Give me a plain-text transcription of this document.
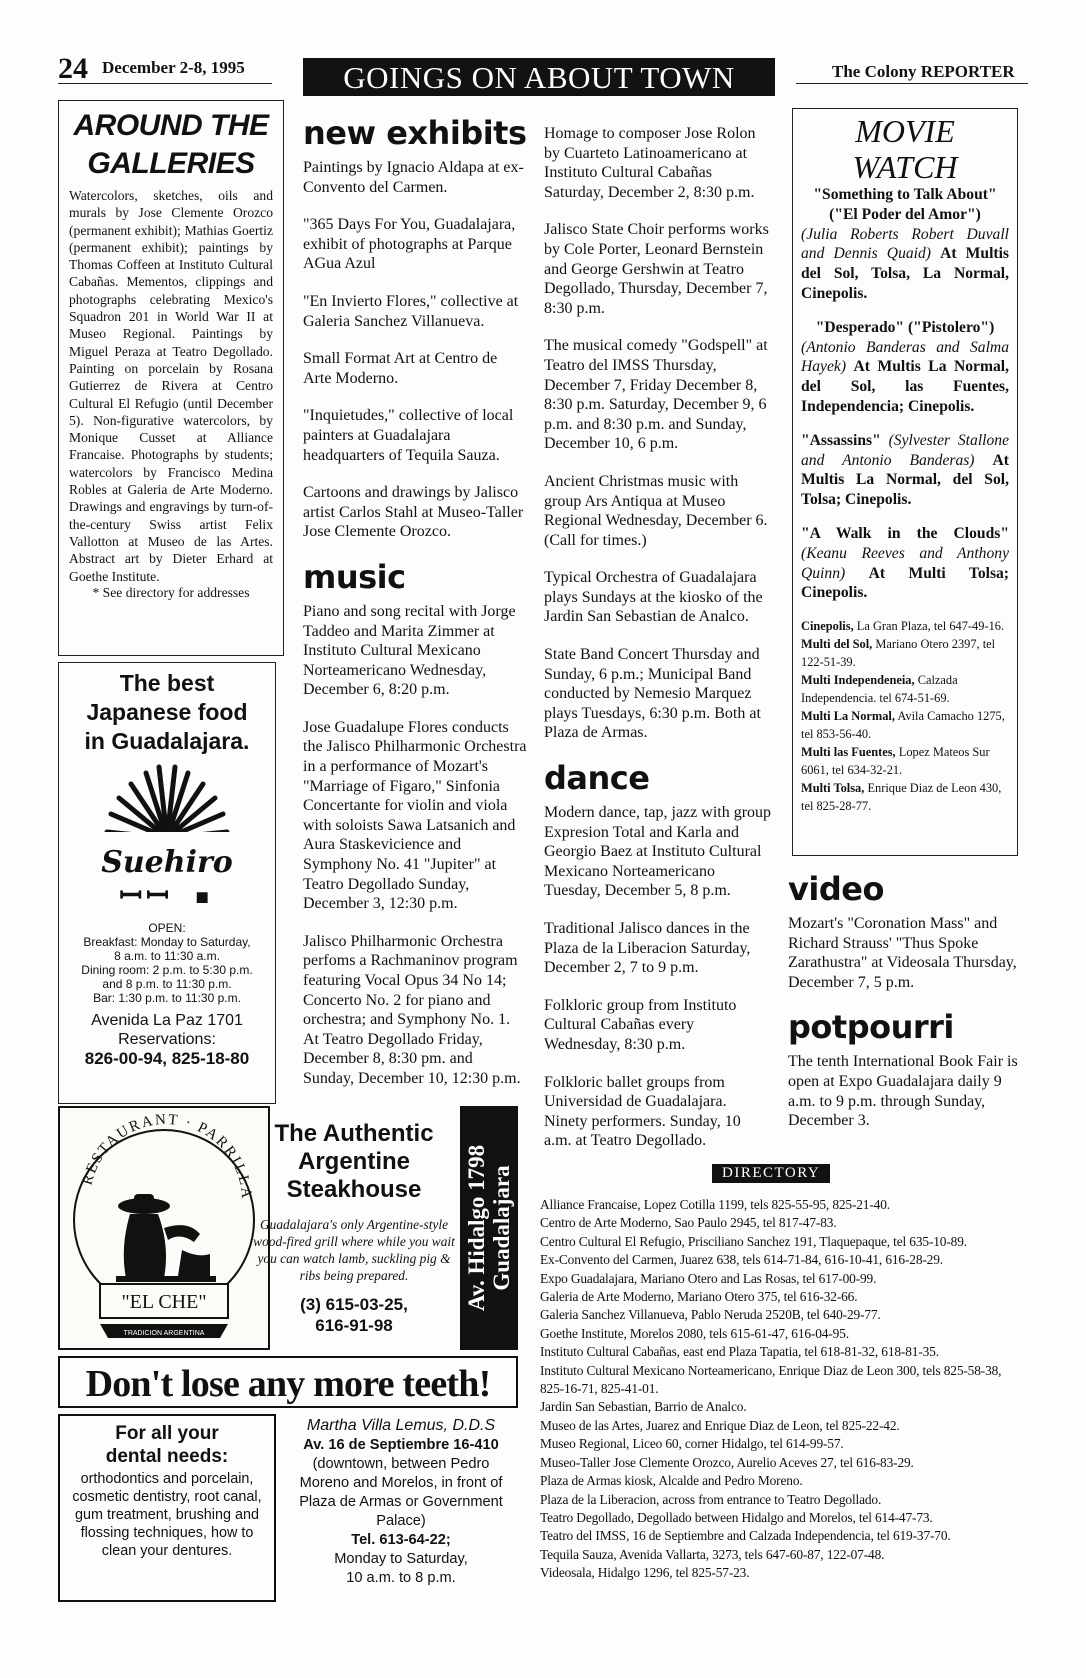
24 December 2-8, 1995	GOINGS ON ABOUT TOWN	The Colony REPORTER
AROUND THE
GALLERIES
Watercolors, sketches, oils and murals by Jose Clemente Orozco (permanent exhibit); Mathias Goertiz (permanent exhibit); paintings by Thomas Coffeen at Instituto Cultural Cabañas. Mementos, clippings and photographs celebrating Mexico's Squadron 201 in World War II at Museo Regional. Paintings by Miguel Peraza at Teatro Degollado. Painting on porcelain by Rosana Gutierrez de Rivera at Centro Cultural El Refugio (until December 5). Non-figurative watercolors, by Monique Cusset at Alliance Francaise. Photographs by students; watercolors by Francisco Medina Robles at Galeria de Arte Moderno. Drawings and engravings by turn-of-the-century Swiss artist Felix Vallotton at Museo de las Artes. Abstract art by Dieter Erhard at Goethe Institute.
* See directory for addresses
The best
Japanese food
in Guadalajara.
Suehiro
ꟷꟷ ▪
OPEN:
Breakfast: Monday to Saturday,
8 a.m. to 11:30 a.m.
Dining room: 2 p.m. to 5:30 p.m.
and 8 p.m. to 11:30 p.m.
Bar: 1:30 p.m. to 11:30 p.m.
Avenida La Paz 1701
Reservations:
826-00-94, 825-18-80
new exhibits

Paintings by Ignacio Aldapa at ex-Convento del Carmen.

"365 Days For You, Guadalajara, exhibit of photographs at Parque AGua Azul

"En Invierto Flores," collective at Galeria Sanchez Villanueva.

Small Format Art at Centro de Arte Moderno.

"Inquietudes," collective of local painters at Guadalajara headquarters of Tequila Sauza.

Cartoons and drawings by Jalisco artist Carlos Stahl at Museo-Taller Jose Clemente Orozco.

music

Piano and song recital with Jorge Taddeo and Marita Zimmer at Instituto Cultural Mexicano Norteamericano Wednesday, December 6, 8:20 p.m.

Jose Guadalupe Flores conducts the Jalisco Philharmonic Orchestra in a performance of Mozart's "Marriage of Figaro," Sinfonia Concertante for violin and viola with soloists Sawa Latsanich and Aura Staskevicience and Symphony No. 41 "Jupiter" at Teatro Degollado Sunday, December 3, 12:30 p.m.

Jalisco Philharmonic Orchestra perfoms a Rachmaninov program featuring Vocal Opus 34 No 14; Concerto No. 2 for piano and orchestra; and Symphony No. 1. At Teatro Degollado Friday, December 8, 8:30 pm. and Sunday, December 10, 12:30 p.m.

Homage to composer Jose Rolon by Cuarteto Latinoamericano at Instituto Cultural Cabañas Saturday, December 2, 8:30 p.m.

Jalisco State Choir performs works by Cole Porter, Leonard Bernstein and George Gershwin at Teatro Degollado, Thursday, December 7, 8:30 p.m.

The musical comedy "Godspell" at Teatro del IMSS Thursday, December 7, Friday December 8, 8:30 p.m. Saturday, December 9, 6 p.m. and 8:30 p.m. and Sunday, December 10, 6 p.m.

Ancient Christmas music with group Ars Antiqua at Museo Regional Wednesday, December 6. (Call for times.)

Typical Orchestra of Guadalajara plays Sundays at the kiosko of the Jardin San Sebastian de Analco.

State Band Concert Thursday and Sunday, 6 p.m.; Municipal Band conducted by Nemesio Marquez plays Tuesdays, 6:30 p.m. Both at Plaza de Armas.

dance

Modern dance, tap, jazz with group Expresion Total and Karla and Georgio Baez at Instituto Cultural Mexicano Norteamericano Tuesday, December 5, 8 p.m.

Traditional Jalisco dances in the Plaza de la Liberacion Saturday, December 2, 7 to 9 p.m.

Folkloric group from Instituto Cultural Cabañas every Wednesday, 8:30 p.m.

Folkloric ballet groups from Universidad de Guadalajara. Ninety performers. Sunday, 10 a.m. at Teatro Degollado.

MOVIE WATCH

"Something to Talk About" ("El Poder del Amor")
(Julia Roberts Robert Duvall and Dennis Quaid) At Multis del Sol, Tolsa, La Normal, Cinepolis.

"Desperado" ("Pistolero")
(Antonio Banderas and Salma Hayek) At Multis La Normal, del Sol, las Fuentes, Independencia; Cinepolis.

"Assassins" (Sylvester Stallone and Antonio Banderas) At Multis La Normal, del Sol, Tolsa; Cinepolis.

"A Walk in the Clouds" (Keanu Reeves and Anthony Quinn) At Multi Tolsa; Cinepolis.

Cinepolis, La Gran Plaza, tel 647-49-16.
Multi del Sol, Mariano Otero 2397, tel 122-51-39.
Multi Independeneia, Calzada Independencia. tel 674-51-69.
Multi La Normal, Avila Camacho 1275, tel 853-56-40.
Multi las Fuentes, Lopez Mateos Sur 6061, tel 634-32-21.
Multi Tolsa, Enrique Diaz de Leon 430, tel 825-28-77.
video

Mozart's "Coronation Mass" and Richard Strauss' "Thus Spoke Zarathustra" at Videosala Thursday, December 7, 5 p.m.

potpourri

The tenth International Book Fair is open at Expo Guadalajara daily 9 a.m. to 9 p.m. through Sunday, December 3.

DIRECTORY
Alliance Francaise, Lopez Cotilla 1199, tels 825-55-95, 825-21-40.
Centro de Arte Moderno, Sao Paulo 2945, tel 817-47-83.
Centro Cultural El Refugio, Prisciliano Sanchez 191, Tlaquepaque, tel 635-10-89.
Ex-Convento del Carmen, Juarez 638, tels 614-71-84, 616-10-41, 616-28-29.
Expo Guadalajara, Mariano Otero and Las Rosas, tel 617-00-99.
Galeria de Arte Moderno, Mariano Otero 375, tel 616-32-66.
Galeria Sanchez Villanueva, Pablo Neruda 2520B, tel 640-29-77.
Goethe Institute, Morelos 2080, tels 615-61-47, 616-04-95.
Instituto Cultural Cabañas, east end Plaza Tapatia, tel 618-81-32, 618-81-35.
Instituto Cultural Mexicano Norteamericano, Enrique Diaz de Leon 300, tels 825-58-38, 825-16-71, 825-41-01.
Jardin San Sebastian, Barrio de Analco.
Museo de las Artes, Juarez and Enrique Diaz de Leon, tel 825-22-42.
Museo Regional, Liceo 60, corner Hidalgo, tel 614-99-57.
Museo-Taller Jose Clemente Orozco, Aurelio Aceves 27, tel 616-83-29.
Plaza de Armas kiosk, Alcalde and Pedro Moreno.
Plaza de la Liberacion, across from entrance to Teatro Degollado.
Teatro Degollado, Degollado between Hidalgo and Morelos, tel 614-47-73.
Teatro del IMSS, 16 de Septiembre and Calzada Independencia, tel 619-37-70.
Tequila Sauza, Avenida Vallarta, 3273, tels 647-60-87, 122-07-48.
Videosala, Hidalgo 1296, tel 825-57-23.
RESTAURANT · PARRILLA
"EL CHE"
TRADICION ARGENTINA
The Authentic
Argentine
Steakhouse
Guadalajara's only Argentine-style wood-fired grill where while you wait you can watch lamb, suckling pig & ribs being prepared.
(3) 615-03-25,
616-91-98
Av. Hidalgo 1798 Guadalajara
Don't lose any more teeth!
For all your
dental needs:
orthodontics and porcelain, cosmetic dentistry, root canal, gum treatment, brushing and flossing techniques, how to clean your dentures.
Martha Villa Lemus, D.D.S
Av. 16 de Septiembre 16-410
(downtown, between Pedro Moreno and Morelos, in front of Plaza de Armas or Government Palace)
Tel. 613-64-22;
Monday to Saturday,
10 a.m. to 8 p.m.
